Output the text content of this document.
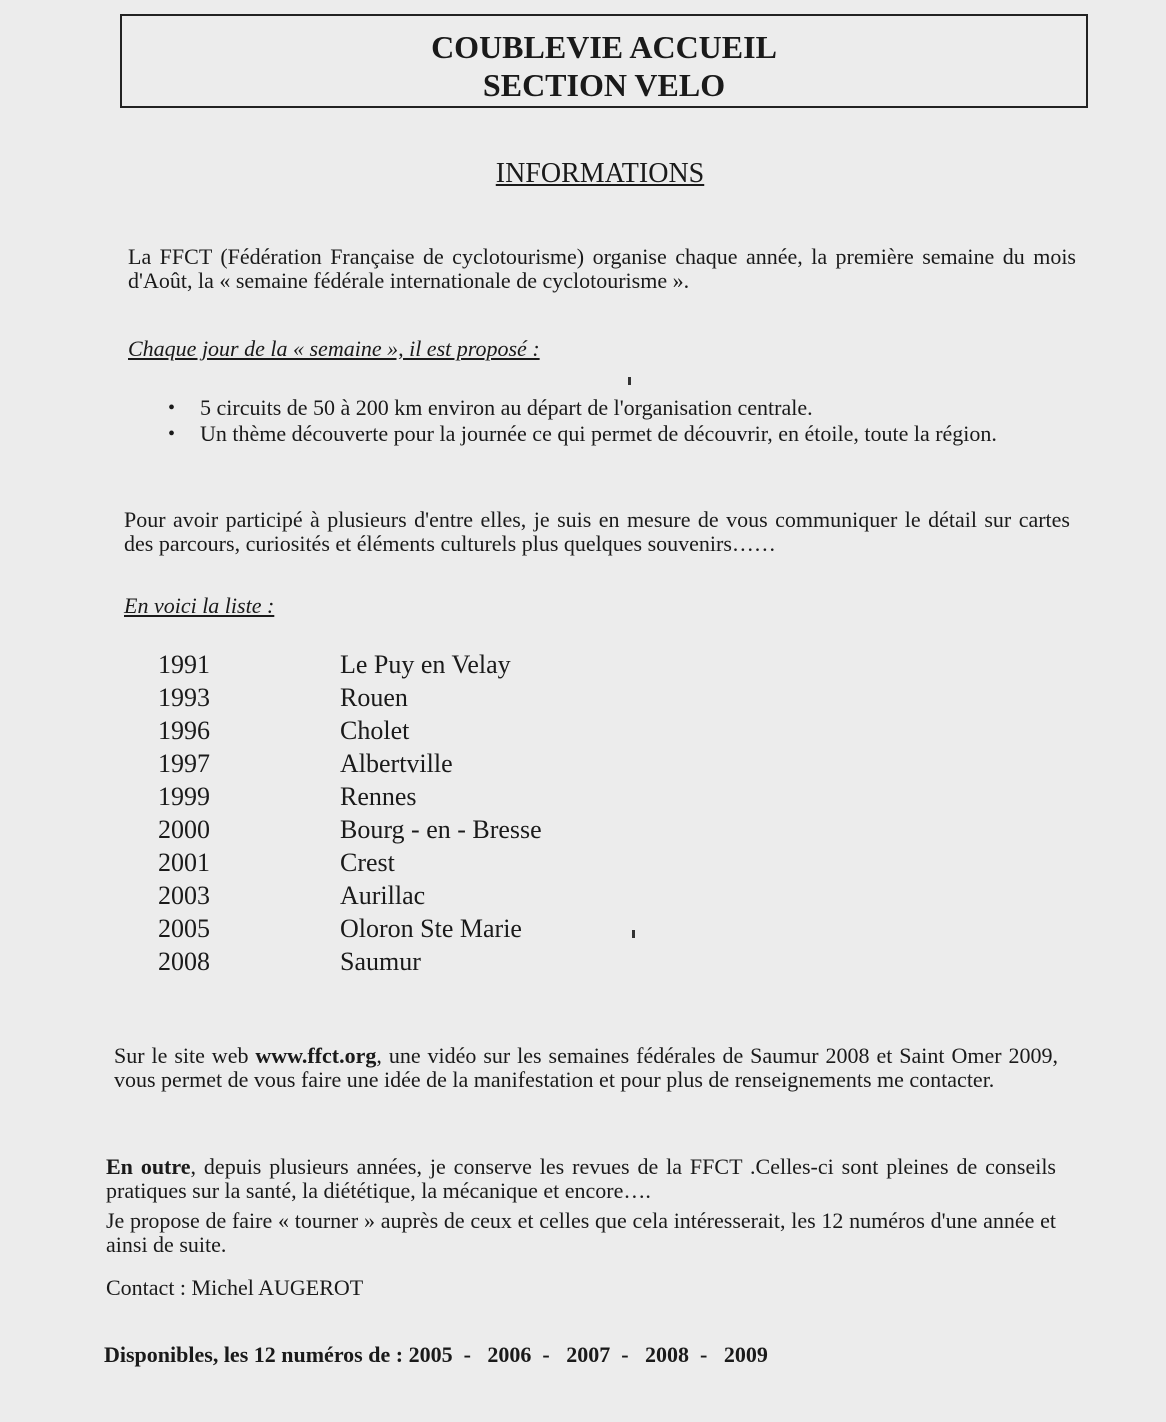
COUBLEVIE ACCUEIL
SECTION VELO
INFORMATIONS
La FFCT (Fédération Française de cyclotourisme) organise chaque année, la première semaine du mois d'Août, la « semaine fédérale internationale de cyclotourisme ».
Chaque jour de la « semaine », il est proposé :
• 5 circuits de 50 à 200 km environ au départ de l'organisation centrale.
• Un thème découverte pour la journée ce qui permet de découvrir, en étoile, toute la région.
Pour avoir participé à plusieurs d'entre elles, je suis en mesure de vous communiquer le détail sur cartes des parcours, curiosités et éléments culturels plus quelques souvenirs……
En voici la liste :
1991	Le Puy en Velay
1993	Rouen
1996	Cholet
1997	Albertville
1999	Rennes
2000	Bourg - en - Bresse
2001	Crest
2003	Aurillac
2005	Oloron Ste Marie
2008	Saumur
Sur le site web www.ffct.org, une vidéo sur les semaines fédérales de Saumur 2008 et Saint Omer 2009, vous permet de vous faire une idée de la manifestation et pour plus de renseignements me contacter.
En outre, depuis plusieurs années, je conserve les revues de la FFCT .Celles-ci sont pleines de conseils pratiques sur la santé, la diététique, la mécanique et encore….
Je propose de faire « tourner » auprès de ceux et celles que cela intéresserait, les 12 numéros d'une année et ainsi de suite.
Contact : Michel AUGEROT
Disponibles, les 12 numéros de : 2005  -   2006  -   2007  -   2008  -   2009
